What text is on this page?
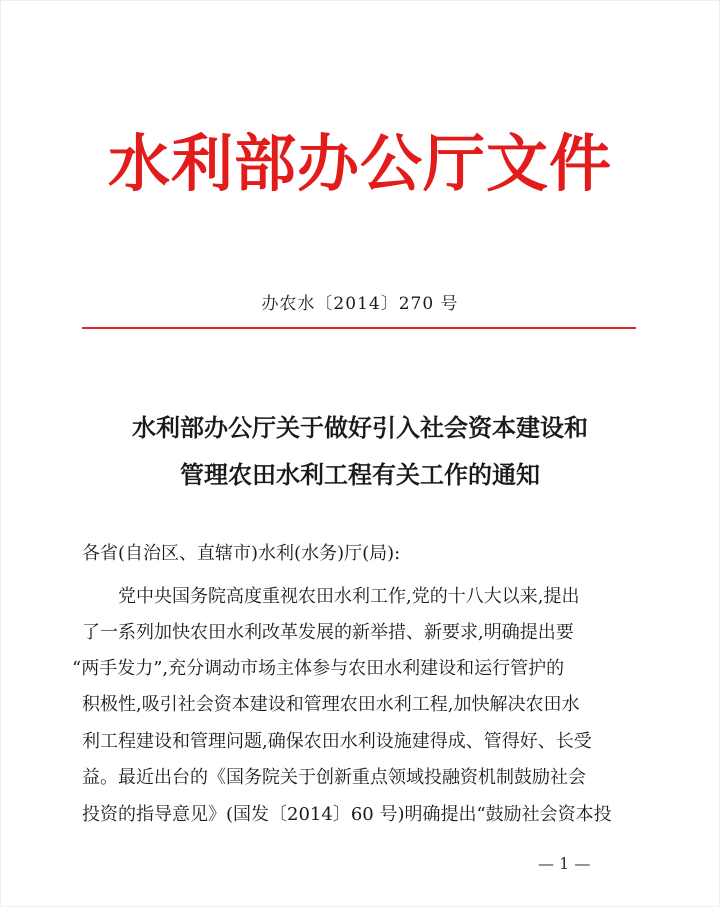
水利部办公厅文件
办农水〔2014〕270 号
水利部办公厅关于做好引入社会资本建设和
管理农田水利工程有关工作的通知
各省(自治区、直辖市)水利(水务)厅(局):
党中央国务院高度重视农田水利工作,党的十八大以来,提出
了一系列加快农田水利改革发展的新举措、新要求,明确提出要
“两手发力”,充分调动市场主体参与农田水利建设和运行管护的
积极性,吸引社会资本建设和管理农田水利工程,加快解决农田水
利工程建设和管理问题,确保农田水利设施建得成、管得好、长受
益。最近出台的《国务院关于创新重点领域投融资机制鼓励社会
投资的指导意见》(国发〔2014〕60 号)明确提出“鼓励社会资本投
— 1 —
